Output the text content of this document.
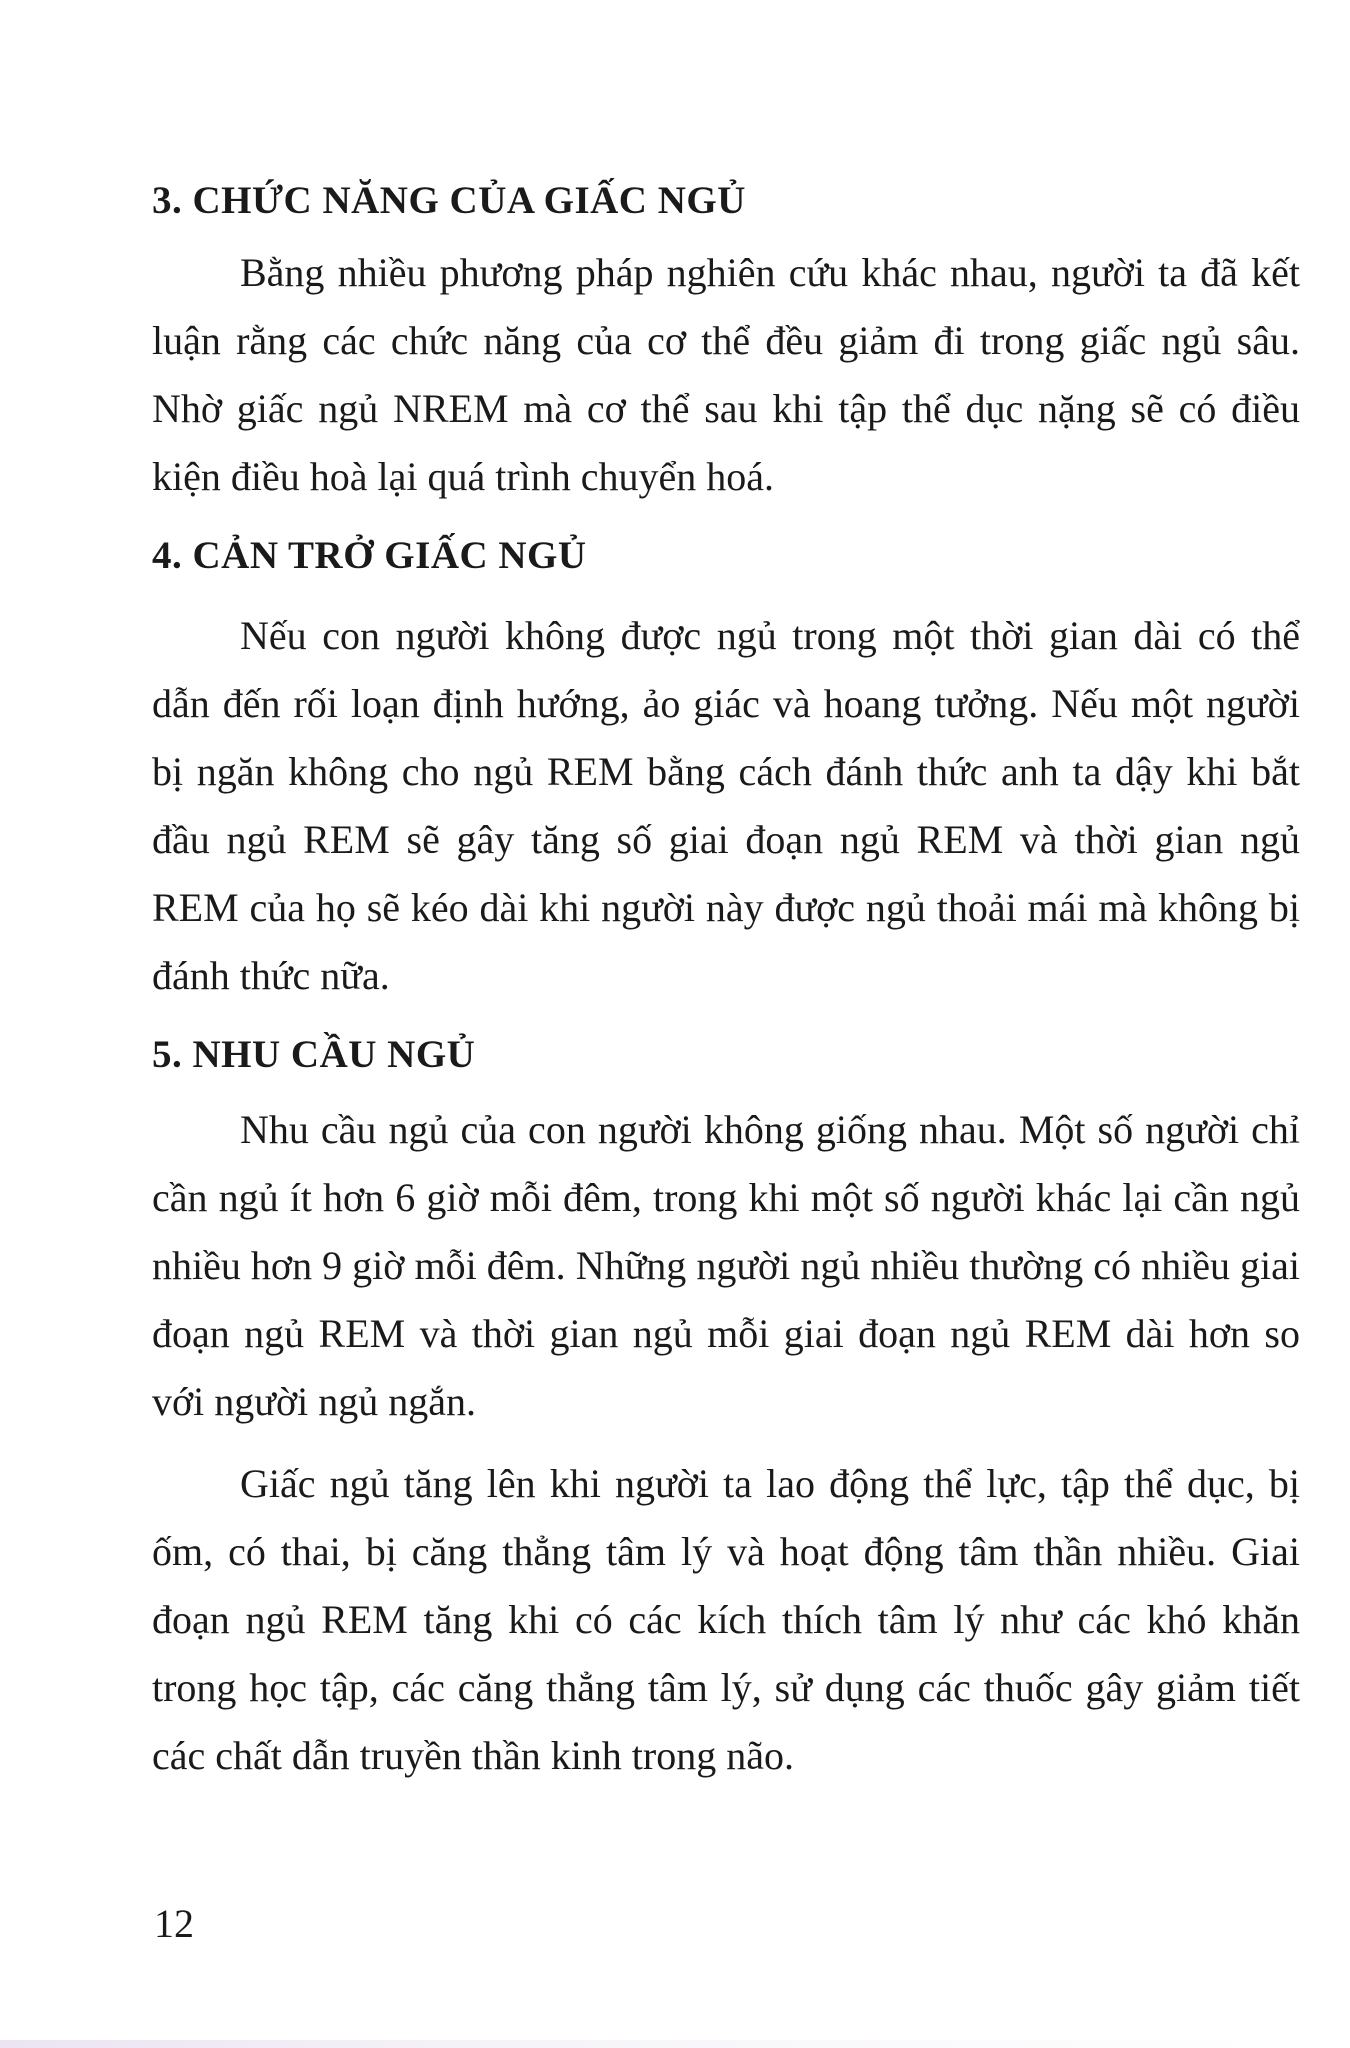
3. CHỨC NĂNG CỦA GIẤC NGỦ

Bằng nhiều phương pháp nghiên cứu khác nhau, người ta đã kết luận rằng các chức năng của cơ thể đều giảm đi trong giấc ngủ sâu. Nhờ giấc ngủ NREM mà cơ thể sau khi tập thể dục nặng sẽ có điều kiện điều hoà lại quá trình chuyển hoá.

4. CẢN TRỞ GIẤC NGỦ

Nếu con người không được ngủ trong một thời gian dài có thể dẫn đến rối loạn định hướng, ảo giác và hoang tưởng. Nếu một người bị ngăn không cho ngủ REM bằng cách đánh thức anh ta dậy khi bắt đầu ngủ REM sẽ gây tăng số giai đoạn ngủ REM và thời gian ngủ REM của họ sẽ kéo dài khi người này được ngủ thoải mái mà không bị đánh thức nữa.

5. NHU CẦU NGỦ

Nhu cầu ngủ của con người không giống nhau. Một số người chỉ cần ngủ ít hơn 6 giờ mỗi đêm, trong khi một số người khác lại cần ngủ nhiều hơn 9 giờ mỗi đêm. Những người ngủ nhiều thường có nhiều giai đoạn ngủ REM và thời gian ngủ mỗi giai đoạn ngủ REM dài hơn so với người ngủ ngắn.

Giấc ngủ tăng lên khi người ta lao động thể lực, tập thể dục, bị ốm, có thai, bị căng thẳng tâm lý và hoạt động tâm thần nhiều. Giai đoạn ngủ REM tăng khi có các kích thích tâm lý như các khó khăn trong học tập, các căng thẳng tâm lý, sử dụng các thuốc gây giảm tiết các chất dẫn truyền thần kinh trong não.

12
